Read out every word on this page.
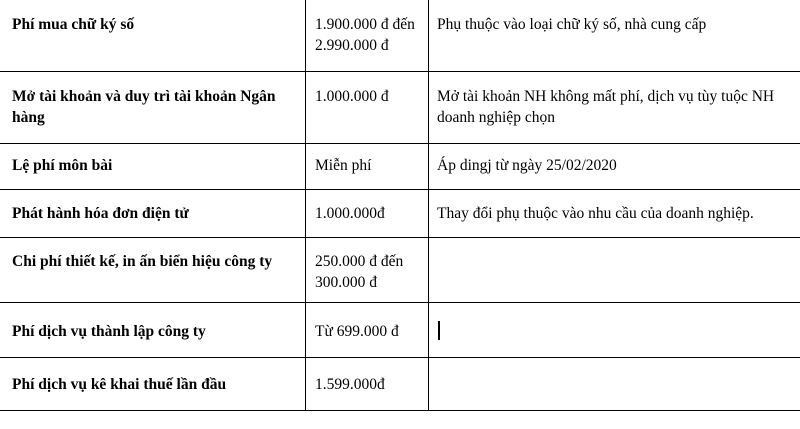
Phí mua chữ ký số	1.900.000 đ đến 2.990.000 đ	Phụ thuộc vào loại chữ ký số, nhà cung cấp

Mở tài khoản và duy trì tài khoản Ngân hàng	1.000.000 đ	Mở tài khoản NH không mất phí, dịch vụ tùy tuộc NH doanh nghiệp chọn

Lệ phí môn bài	Miễn phí	Áp dingj từ ngày 25/02/2020

Phát hành hóa đơn điện tử	1.000.000đ	Thay đổi phụ thuộc vào nhu cầu của doanh nghiệp.

Chi phí thiết kế, in ấn biển hiệu công ty	250.000 đ đến 300.000 đ	

Phí dịch vụ thành lập công ty	Từ 699.000 đ	

Phí dịch vụ kê khai thuế lần đầu	1.599.000đ	
